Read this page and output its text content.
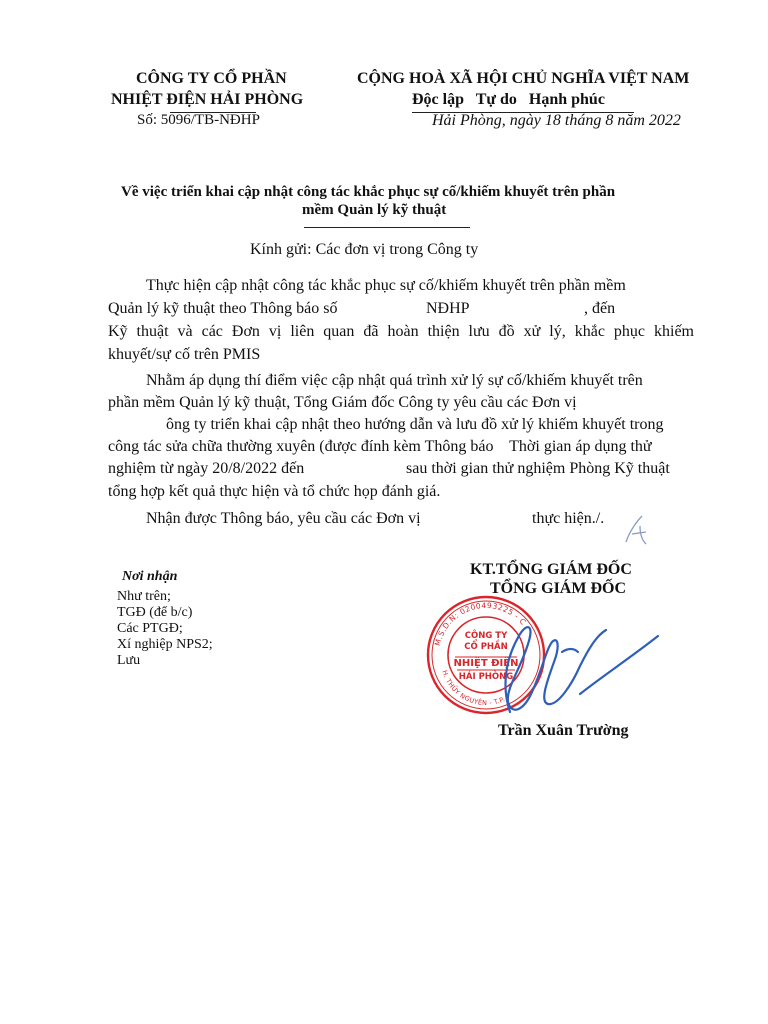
CÔNG TY CỔ PHẦN
NHIỆT ĐIỆN HẢI PHÒNG
Số: 5096/TB-NĐHP
CỘNG HOÀ XÃ HỘI CHỦ NGHĨA VIỆT NAM
Độc lập   Tự do   Hạnh phúc
Hải Phòng, ngày 18 tháng 8 năm 2022
Về việc triển khai cập nhật công tác khắc phục sự cố/khiếm khuyết trên phần
mềm Quản lý kỹ thuật
Kính gửi: Các đơn vị trong Công ty
Thực hiện cập nhật công tác khắc phục sự cố/khiếm khuyết trên phần mềm
Quản lý kỹ thuật theo Thông báo số	NĐHP	, đến
Kỹ thuật và các Đơn vị liên quan đã hoàn thiện lưu đồ xử lý, khắc phục khiếm
khuyết/sự cố trên PMIS
Nhằm áp dụng thí điểm việc cập nhật quá trình xử lý sự cố/khiếm khuyết trên
phần mềm Quản lý kỹ thuật, Tổng Giám đốc Công ty yêu cầu các Đơn vị
ông ty triển khai cập nhật theo hướng dẫn và lưu đồ xử lý khiếm khuyết trong
công tác sửa chữa thường xuyên (được đính kèm Thông báo    Thời gian áp dụng thử
nghiệm từ ngày 20/8/2022 đến	sau thời gian thử nghiệm Phòng Kỹ thuật
tổng hợp kết quả thực hiện và tổ chức họp đánh giá.
Nhận được Thông báo, yêu cầu các Đơn vị	thực hiện./.
Nơi nhận
Như trên;
TGĐ (để b/c)
Các PTGĐ;
Xí nghiệp NPS2;
Lưu
KT.TỔNG GIÁM ĐỐC
TỔNG GIÁM ĐỐC
M.S.D.N: 0200493225 - C
H. THỦY NGUYÊN - T.P.
CÔNG TY
CỔ PHẦN
NHIỆT ĐIỆN
HẢI PHÒNG
Trần Xuân Trường
